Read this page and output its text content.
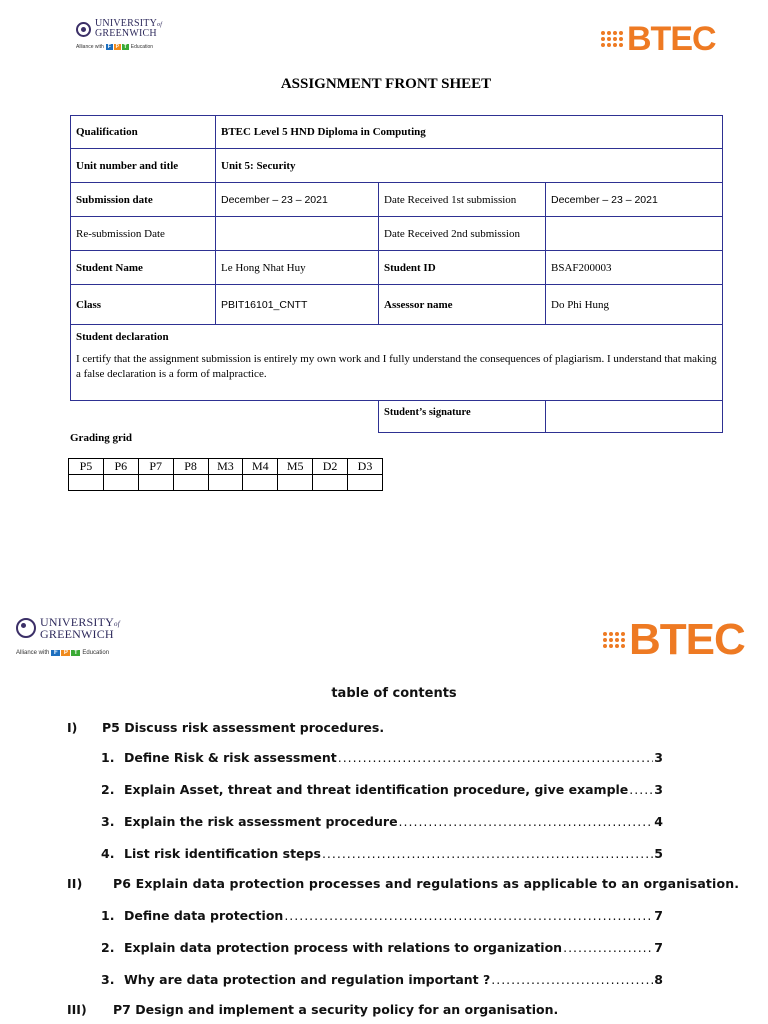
UNIVERSITYof
GREENWICH
Alliance with F P T Education	BTEC
ASSIGNMENT FRONT SHEET
Qualification	BTEC Level 5 HND Diploma in Computing		
Unit number and title	Unit 5: Security		
Submission date	December – 23 – 2021	Date Received 1st submission	December – 23 – 2021
Re-submission Date		Date Received 2nd submission	
Student Name	Le Hong Nhat Huy	Student ID	BSAF200003
Class	PBIT16101_CNTT	Assessor name	Do Phi Hung

Student declaration
I certify that the assignment submission is entirely my own work and I fully understand the consequences of plagiarism. I understand that making a false declaration is a form of malpractice.			

		Student’s signature	
Grading grid
P5	P6	P7	P8	M3	M4	M5	D2	D3

UNIVERSITYof
GREENWICH
Alliance with F	P	T Education	BTEC
table of contents
I)	P5 Discuss risk assessment procedures.
1. Define Risk & risk assessment .....	3
2. Explain Asset, threat and threat identification procedure, give example ..... 3
3. Explain the risk assessment procedure .....	4
4. List risk identification steps .....	5
II)	P6 Explain data protection processes and regulations as applicable to an organisation.
1. Define data protection .....	7
2. Explain data protection process with relations to organization .....	7
3. Why are data protection and regulation important ? .....	8
III)	P7 Design and implement a security policy for an organisation.
